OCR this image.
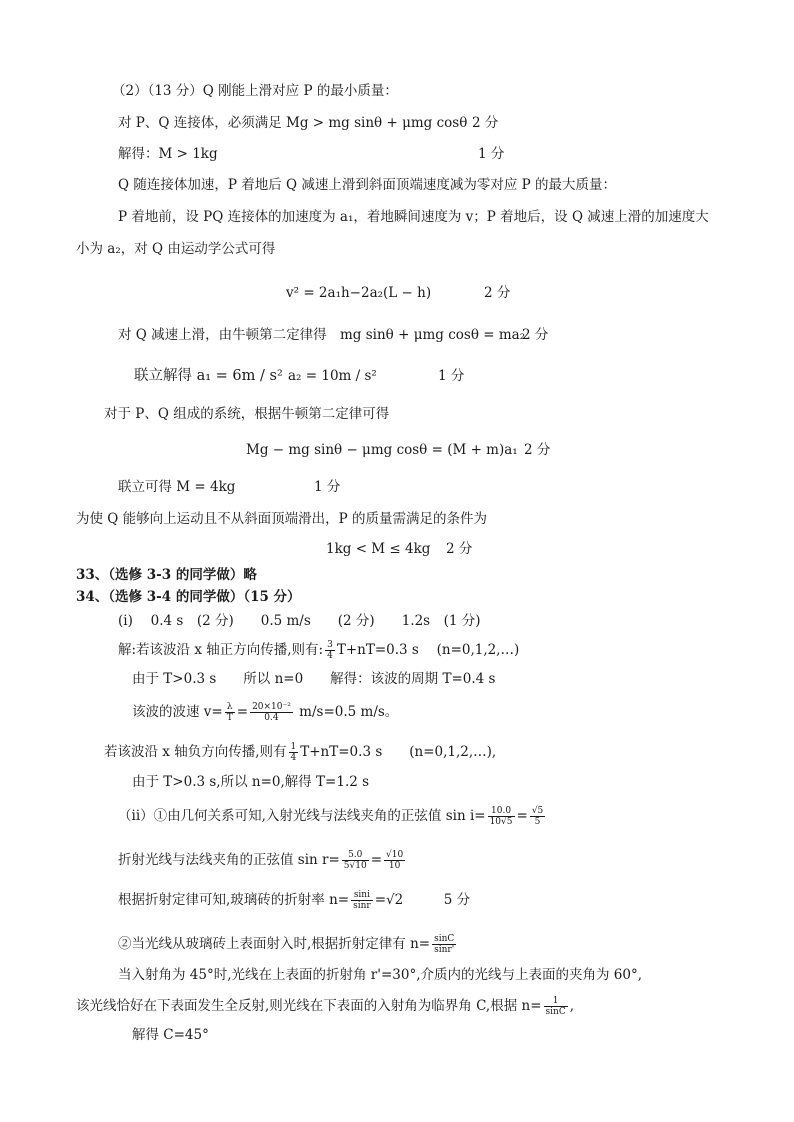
（2）（13 分）Q 刚能上滑对应 P 的最小质量：
对 P、Q 连接体，必须满足 Mg > mg sinθ + μmg cosθ 2 分
解得：M > 1kg	1 分
Q 随连接体加速，P 着地后 Q 减速上滑到斜面顶端速度减为零对应 P 的最大质量：
P 着地前，设 PQ 连接体的加速度为 a₁，着地瞬间速度为 v；P 着地后，设 Q 减速上滑的加速度大
小为 a₂，对 Q 由运动学公式可得
v² = 2a₁h−2a₂(L − h)	2 分
对 Q 减速上滑，由牛顿第二定律得 mg sinθ + μmg cosθ = ma₂
2 分
联立解得 a₁ = 6m / s² a₂ = 10m / s²	1 分
对于 P、Q 组成的系统，根据牛顿第二定律可得
Mg − mg sinθ − μmg cosθ = (M + m)a₁ 2 分
联立可得 M = 4kg	1 分
为使 Q 能够向上运动且不从斜面顶端滑出，P 的质量需满足的条件为
1kg < M ≤ 4kg 2 分
33、（选修 3-3 的同学做）略
34、（选修 3-4 的同学做）（15 分）
(i)　 0.4 s　(2 分)　　0.5 m/s　　(2 分)　　1.2s　(1 分)
解:若该波沿 x 轴正方向传播,则有: $\frac{3}{4} T+nT=0.3$ s　 (n=0,1,2,…)
由于 T>0.3 s　　所以 n=0　　解得：该波的周期 T=0.4 s
该波的波速 $v= \frac{\lambda}{T} = \frac{\text{20×10⁻²}}{0.4} m/s=0.5$ m/s。
若该波沿 x 轴负方向传播,则有 $\frac{1}{4} T+nT=0.3$ s　　(n=0,1,2,…),
由于 T>0.3 s,所以 n=0,解得 T=1.2 s
（ii）①由几何关系可知,入射光线与法线夹角的正弦值 $\sin i= \frac{10.0}{10√5} = \frac{√5}{5}$
折射光线与法线夹角的正弦值 $\sin r= \frac{5.0}{5√10} = \frac{√10}{10}$
根据折射定律可知,玻璃砖的折射率 $n= \frac{\sin i}{\sin r} =√2$　　　5 分
②当光线从玻璃砖上表面射入时,根据折射定律有 $n= \frac{\sin C}{\sin r'}$
当入射角为 45°时,光线在上表面的折射角 r'=30°,介质内的光线与上表面的夹角为 60°,
该光线恰好在下表面发生全反射,则光线在下表面的入射角为临界角 C,根据 $n= \frac{1}{\sin C}$ ,
解得 C=45°
